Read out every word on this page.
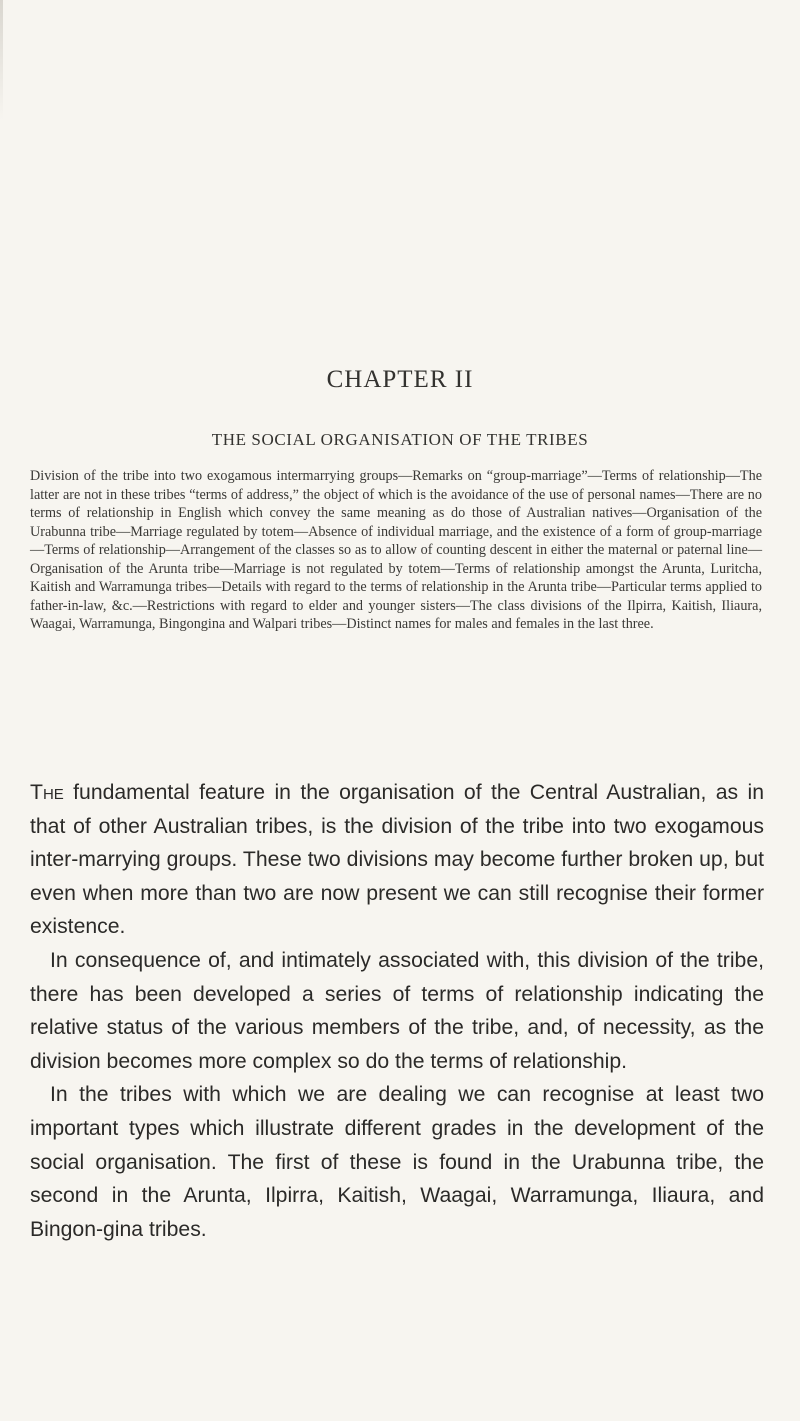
CHAPTER II
THE SOCIAL ORGANISATION OF THE TRIBES
Division of the tribe into two exogamous intermarrying groups—Remarks on “group-marriage”—Terms of relationship—The latter are not in these tribes “terms of address,” the object of which is the avoidance of the use of personal names—There are no terms of relationship in English which convey the same meaning as do those of Australian natives—Organisation of the Urabunna tribe—Marriage regulated by totem—Absence of individual marriage, and the existence of a form of group-marriage—Terms of relationship—Arrangement of the classes so as to allow of counting descent in either the maternal or paternal line—Organisation of the Arunta tribe—Marriage is not regulated by totem—Terms of relationship amongst the Arunta, Luritcha, Kaitish and Warramunga tribes—Details with regard to the terms of relationship in the Arunta tribe—Particular terms applied to father-in-law, &c.—Restrictions with regard to elder and younger sisters—The class divisions of the Ilpirra, Kaitish, Iliaura, Waagai, Warramunga, Bingongina and Walpari tribes—Distinct names for males and females in the last three.

The fundamental feature in the organisation of the Central Australian, as in that of other Australian tribes, is the division of the tribe into two exogamous inter-marrying groups. These two divisions may become further broken up, but even when more than two are now present we can still recognise their former existence.

In consequence of, and intimately associated with, this division of the tribe, there has been developed a series of terms of relationship indicating the relative status of the various members of the tribe, and, of necessity, as the division becomes more complex so do the terms of relationship.

In the tribes with which we are dealing we can recognise at least two important types which illustrate different grades in the development of the social organisation. The first of these is found in the Urabunna tribe, the second in the Arunta, Ilpirra, Kaitish, Waagai, Warramunga, Iliaura, and Bingon-gina tribes.
